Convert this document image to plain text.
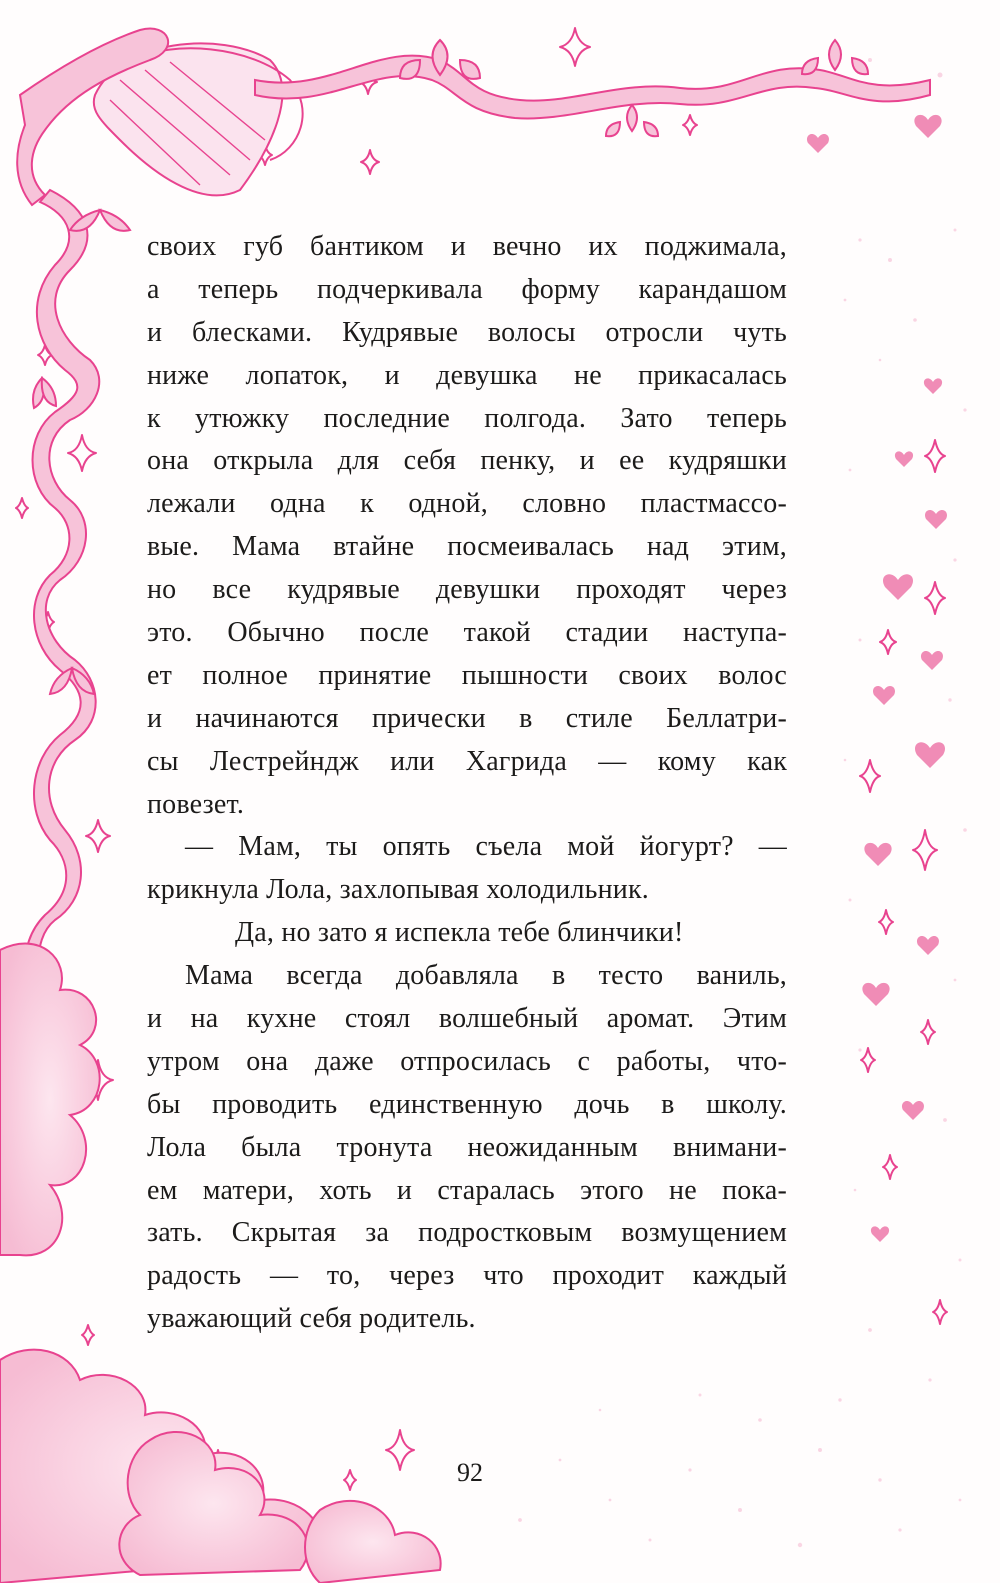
своих губ бантиком и вечно их поджимала,
а теперь подчеркивала форму карандашом
и блесками. Кудрявые волосы отросли чуть
ниже лопаток, и девушка не прикасалась
к утюжку последние полгода. Зато теперь
она открыла для себя пенку, и ее кудряшки
лежали одна к одной, словно пластмассо-
вые. Мама втайне посмеивалась над этим,
но все кудрявые девушки проходят через
это. Обычно после такой стадии наступа-
ет полное принятие пышности своих волос
и начинаются прически в стиле Беллатри-
сы Лестрейндж или Хагрида — кому как
повезет.
— Мам, ты опять съела мой йогурт? —
крикнула Лола, захлопывая холодильник.
Да, но зато я испекла тебе блинчики!
Мама всегда добавляла в тесто ваниль,
и на кухне стоял волшебный аромат. Этим
утром она даже отпросилась с работы, что-
бы проводить единственную дочь в школу.
Лола была тронута неожиданным внимани-
ем матери, хоть и старалась этого не пока-
зать. Скрытая за подростковым возмущением
радость — то, через что проходит каждый
уважающий себя родитель.
92
